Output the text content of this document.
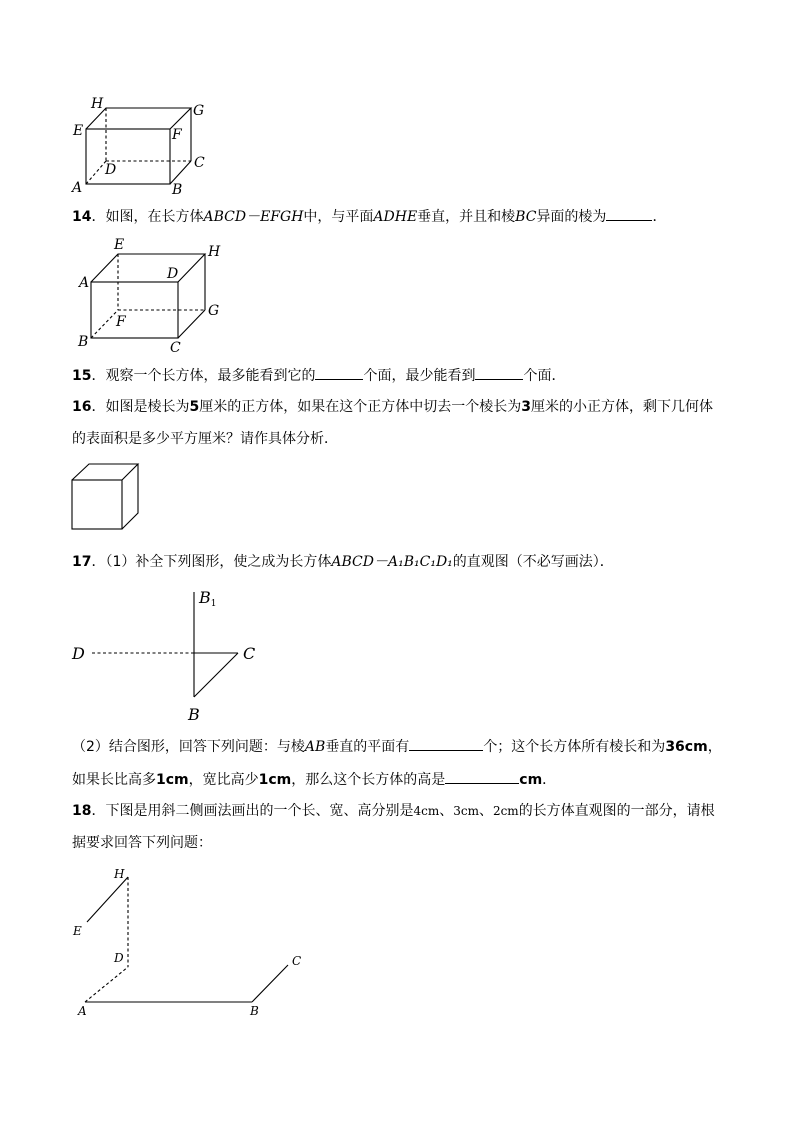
H	G
E	F
D	C
A	B
14．如图，在长方体ABCD－EFGH中，与平面ADHE垂直，并且和棱BC异面的棱为	．
E	H
A
D
G
F
B	C
15．观察一个长方体，最多能看到它的	个面，最少能看到	个面．
16．如图是棱长为5厘米的正方体，如果在这个正方体中切去一个棱长为3厘米的小正方体，剩下几何体
的表面积是多少平方厘米？请作具体分析．
17．（1）补全下列图形，使之成为长方体ABCD－A₁B₁C₁D₁的直观图（不必写画法）．
B1
D	C
B
（2）结合图形，回答下列问题：与棱AB垂直的平面有	个；这个长方体所有棱长和为36cm，
如果长比高多1cm，宽比高少1cm，那么这个长方体的高是	cm．
18．下图是用斜二侧画法画出的一个长、宽、高分别是4cm、3cm、2cm的长方体直观图的一部分，请根
据要求回答下列问题：
H
E
D	C
A	B
